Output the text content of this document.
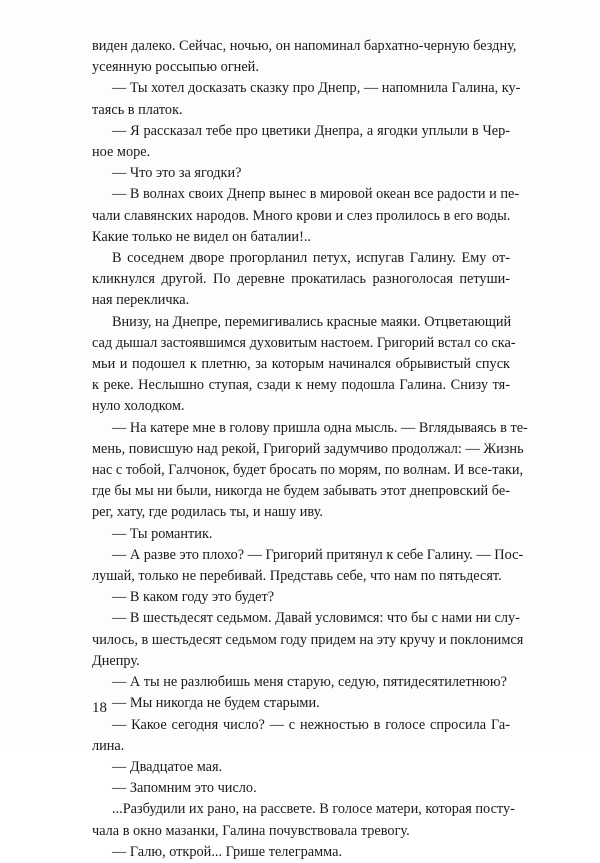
виден далеко. Сейчас, ночью, он напоминал бархатно-черную бездну,
усеянную россыпью огней.
— Ты хотел досказать сказку про Днепр, — напомнила Галина, ку-
таясь в платок.
— Я рассказал тебе про цветики Днепра, а ягодки уплыли в Чер-
ное море.
— Что это за ягодки?
— В волнах своих Днепр вынес в мировой океан все радости и пе-
чали славянских народов. Много крови и слез пролилось в его воды.
Какие только не видел он баталии!..
В соседнем дворе прогорланил петух, испугав Галину. Ему от-
кликнулся другой. По деревне прокатилась разноголосая петуши-
ная перекличка.
Внизу, на Днепре, перемигивались красные маяки. Отцветающий
сад дышал застоявшимся духовитым настоем. Григорий встал со ска-
мьи и подошел к плетню, за которым начинался обрывистый спуск
к реке. Неслышно ступая, сзади к нему подошла Галина. Снизу тя-
нуло холодком.
— На катере мне в голову пришла одна мысль. — Вглядываясь в те-
мень, повисшую над рекой, Григорий задумчиво продолжал: — Жизнь
нас с тобой, Галчонок, будет бросать по морям, по волнам. И все-таки,
где бы мы ни были, никогда не будем забывать этот днепровский бе-
рег, хату, где родилась ты, и нашу иву.
— Ты романтик.
— А разве это плохо? — Григорий притянул к себе Галину. — Пос-
лушай, только не перебивай. Представь себе, что нам по пятьдесят.
— В каком году это будет?
— В шестьдесят седьмом. Давай условимся: что бы с нами ни слу-
чилось, в шестьдесят седьмом году придем на эту кручу и поклонимся
Днепру.
— А ты не разлюбишь меня старую, седую, пятидесятилетнюю?
— Мы никогда не будем старыми.
— Какое сегодня число? — с нежностью в голосе спросила Га-
лина.
— Двадцатое мая.
— Запомним это число.
...Разбудили их рано, на рассвете. В голосе матери, которая посту-
чала в окно мазанки, Галина почувствовала тревогу.
— Галю, открой... Грише телеграмма.
18
